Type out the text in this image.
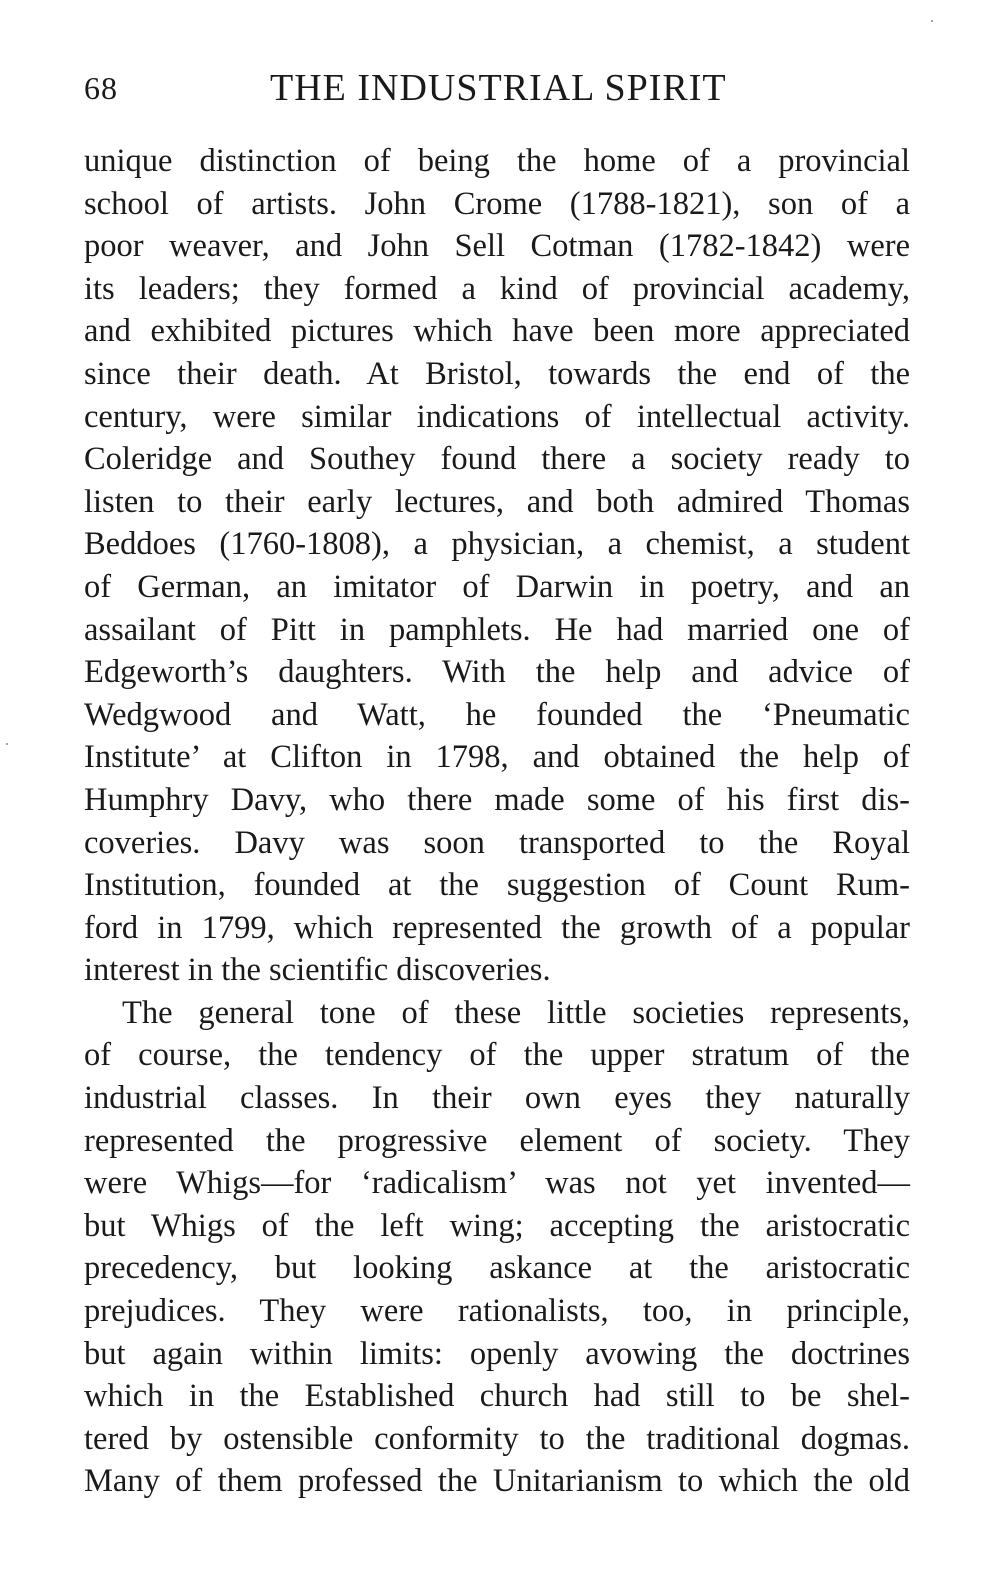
68	THE INDUSTRIAL SPIRIT
unique distinction of being the home of a provincial
school of artists. John Crome (1788-1821), son of a
poor weaver, and John Sell Cotman (1782-1842) were
its leaders; they formed a kind of provincial academy,
and exhibited pictures which have been more appreciated
since their death. At Bristol, towards the end of the
century, were similar indications of intellectual activity.
Coleridge and Southey found there a society ready to
listen to their early lectures, and both admired Thomas
Beddoes (1760-1808), a physician, a chemist, a student
of German, an imitator of Darwin in poetry, and an
assailant of Pitt in pamphlets. He had married one of
Edgeworth’s daughters. With the help and advice of
Wedgwood and Watt, he founded the ‘Pneumatic
Institute’ at Clifton in 1798, and obtained the help of
Humphry Davy, who there made some of his first dis-
coveries. Davy was soon transported to the Royal
Institution, founded at the suggestion of Count Rum-
ford in 1799, which represented the growth of a popular
interest in the scientific discoveries.
The general tone of these little societies represents,
of course, the tendency of the upper stratum of the
industrial classes. In their own eyes they naturally
represented the progressive element of society. They
were Whigs—for ‘radicalism’ was not yet invented—
but Whigs of the left wing; accepting the aristocratic
precedency, but looking askance at the aristocratic
prejudices. They were rationalists, too, in principle,
but again within limits: openly avowing the doctrines
which in the Established church had still to be shel-
tered by ostensible conformity to the traditional dogmas.
Many of them professed the Unitarianism to which the old
